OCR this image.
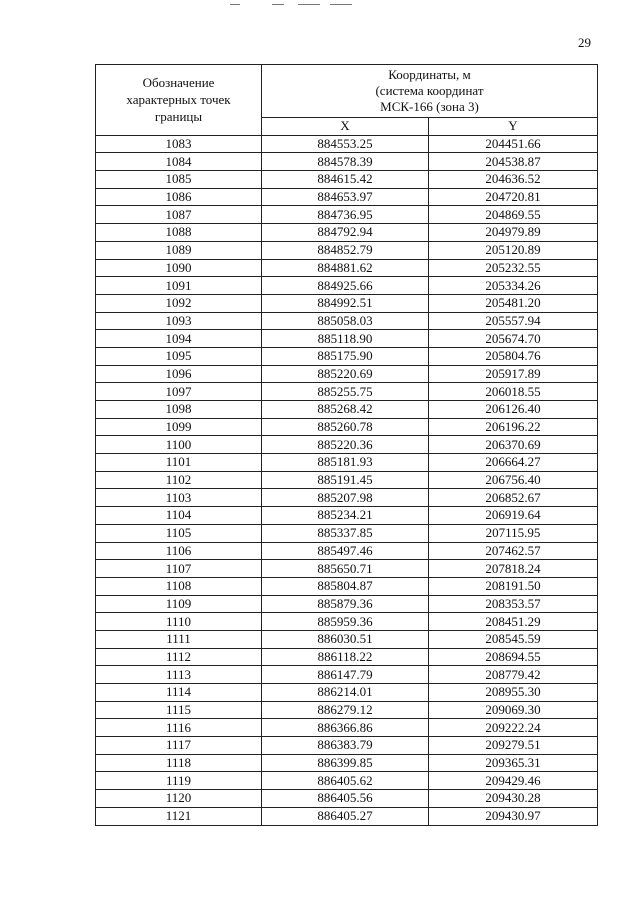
29
Обозначение характерных точек границы	Координаты, м
(система координат
МСК-166 (зона 3)	

	X	Y
1083	884553.25	204451.66
1084	884578.39	204538.87
1085	884615.42	204636.52
1086	884653.97	204720.81
1087	884736.95	204869.55
1088	884792.94	204979.89
1089	884852.79	205120.89
1090	884881.62	205232.55
1091	884925.66	205334.26
1092	884992.51	205481.20
1093	885058.03	205557.94
1094	885118.90	205674.70
1095	885175.90	205804.76
1096	885220.69	205917.89
1097	885255.75	206018.55
1098	885268.42	206126.40
1099	885260.78	206196.22
1100	885220.36	206370.69
1101	885181.93	206664.27
1102	885191.45	206756.40
1103	885207.98	206852.67
1104	885234.21	206919.64
1105	885337.85	207115.95
1106	885497.46	207462.57
1107	885650.71	207818.24
1108	885804.87	208191.50
1109	885879.36	208353.57
1110	885959.36	208451.29
1111	886030.51	208545.59
1112	886118.22	208694.55
1113	886147.79	208779.42
1114	886214.01	208955.30
1115	886279.12	209069.30
1116	886366.86	209222.24
1117	886383.79	209279.51
1118	886399.85	209365.31
1119	886405.62	209429.46
1120	886405.56	209430.28
1121	886405.27	209430.97
